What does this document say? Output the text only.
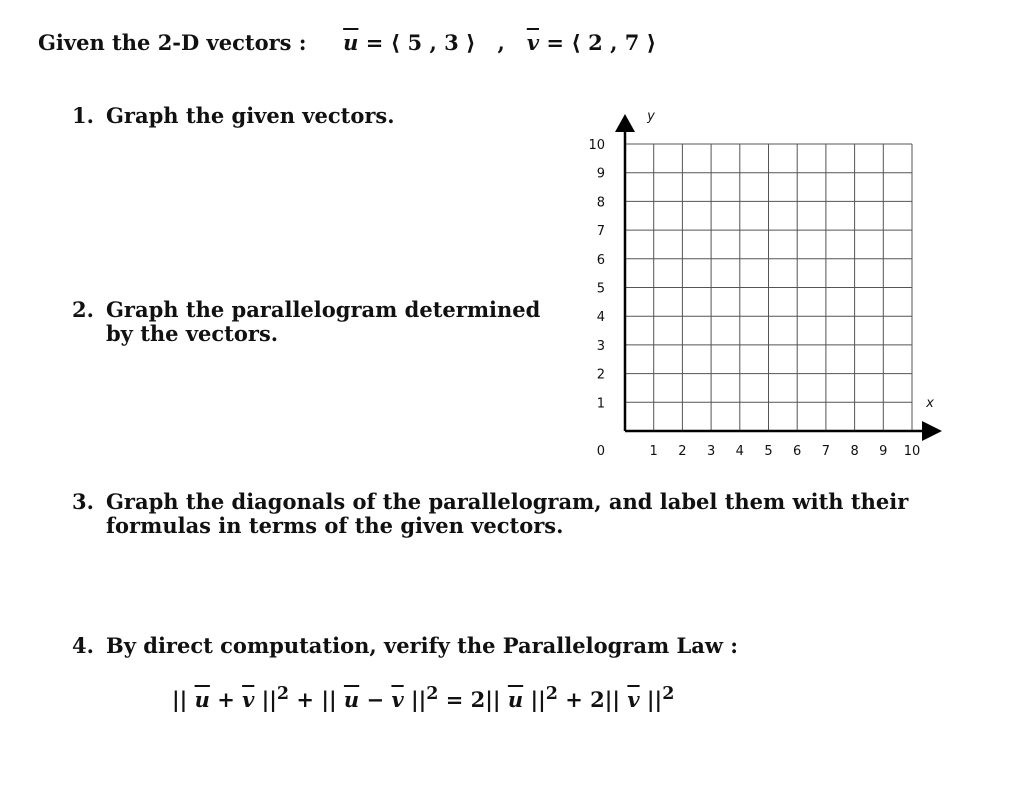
Given the 2-D vectors : $\overline{u}$ = ⟨ 5 , 3 ⟩   ,   $\overline{v}$ = ⟨ 2 , 7 ⟩
1. Graph the given vectors.
2. Graph the parallelogram determined by the vectors.
3. Graph the diagonals of the parallelogram, and label them with their formulas in terms of the given vectors.
4. By direct computation, verify the Parallelogram Law :
|| $\overline{u} + \overline{v}$ $||^2$ + || $\overline{u} - \overline{v}$ $||^2 = 2||$ $\overline{u}$ $||^2 + 2||$ $\overline{v}$ $||^2$
1
2
3
4
5
6
7
8
9
10
1 2 3 4 5 6 7 8 9 10
0
x
y
